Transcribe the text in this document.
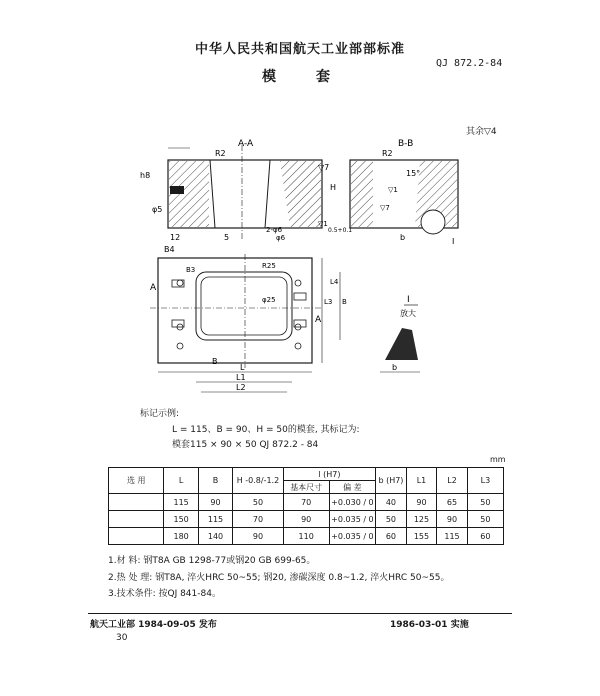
中华人民共和国航天工业部部标准
QJ 872.2-84
模套
其余▽4
A-A
R2
▽7
H
h8
φ5
12	5
2-φ6
φ6
▽1
0.5+0.1
B-B
R2
15°
▽1
▽7
b	I
B4
A
A
B
φ25
R25
B3
L3
L4
B
L
L1
L2
I
放大
b
标记示例:
L = 115、B = 90、H = 50的模套, 其标记为:
模套115 × 90 × 50 QJ 872.2 - 84
mm
选 用	L	B	H -0.8/-1.2	l (H7)		b (H7)	L1	L2	L3
				基本尺寸	偏 差				
	115	90	50	70	+0.030 / 0	40	90	65	50
	150	115	70	90	+0.035 / 0	50	125	90	50
	180	140	90	110	+0.035 / 0	60	155	115	60
1.材 料: 钢T8A GB 1298-77或钢20 GB 699-65。
2.热 处 理: 钢T8A, 淬火HRC 50~55; 钢20, 渗碳深度 0.8~1.2, 淬火HRC 50~55。
3.技术条件: 按QJ 841-84。
航天工业部 1984-09-05 发布	1986-03-01 实施
30
